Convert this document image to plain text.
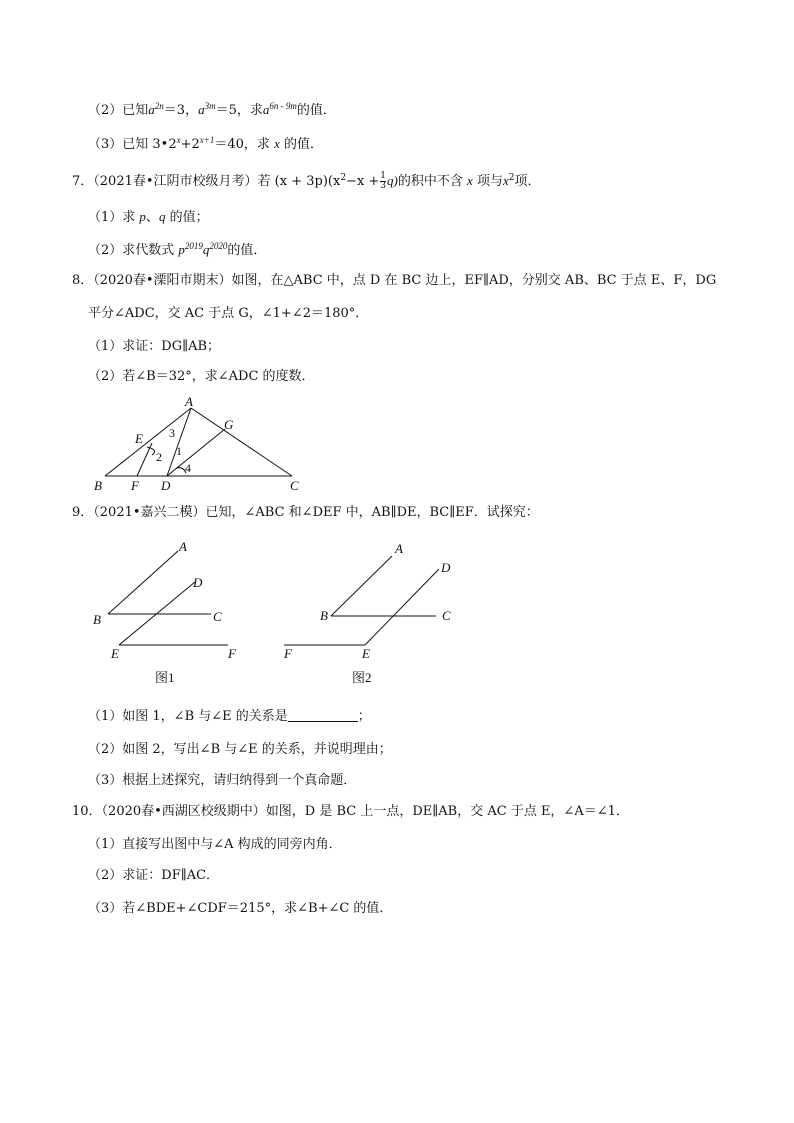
（2）已知$a^{2n}=3$，$a^{3m}=5$，求$a^{6n - 9m}$的值．
（3）已知 $3•2^x+2^{x+1}=40$，求 x 的值．
7．（2021春•江阴市校级月考）若 $(x + 3p)(x^2-x + \frac{1}{3} q)$的积中不含 x 项与$x^2$项．
（1）求 p、q 的值；
（2）求代数式 $p^{2019}q^{2020}$的值．
8．（2020春•溧阳市期末）如图，在△ABC 中，点 D 在 BC 边上，EF∥AD，分别交 AB、BC 于点 E、F，DG
平分∠ADC，交 AC 于点 G，∠1+∠2＝180°．
（1）求证：DG∥AB；
（2）若∠B＝32°，求∠ADC 的度数．
A
B	C
D
E
F
G
1
2
3
4
9．（2021•嘉兴二模）已知，∠ABC 和∠DEF 中，AB∥DE，BC∥EF．试探究：
A
B	C
D
E	F
图1
A
B	C
D
E
F
图2
（1）如图 1，∠B 与∠E 的关系是	；
（2）如图 2，写出∠B 与∠E 的关系，并说明理由；
（3）根据上述探究，请归纳得到一个真命题．
10．（2020春•西湖区校级期中）如图，D 是 BC 上一点，DE∥AB，交 AC 于点 E，∠A＝∠1．
（1）直接写出图中与∠A 构成的同旁内角．
（2）求证：DF∥AC．
（3）若∠BDE+∠CDF＝215°，求∠B+∠C 的值．
